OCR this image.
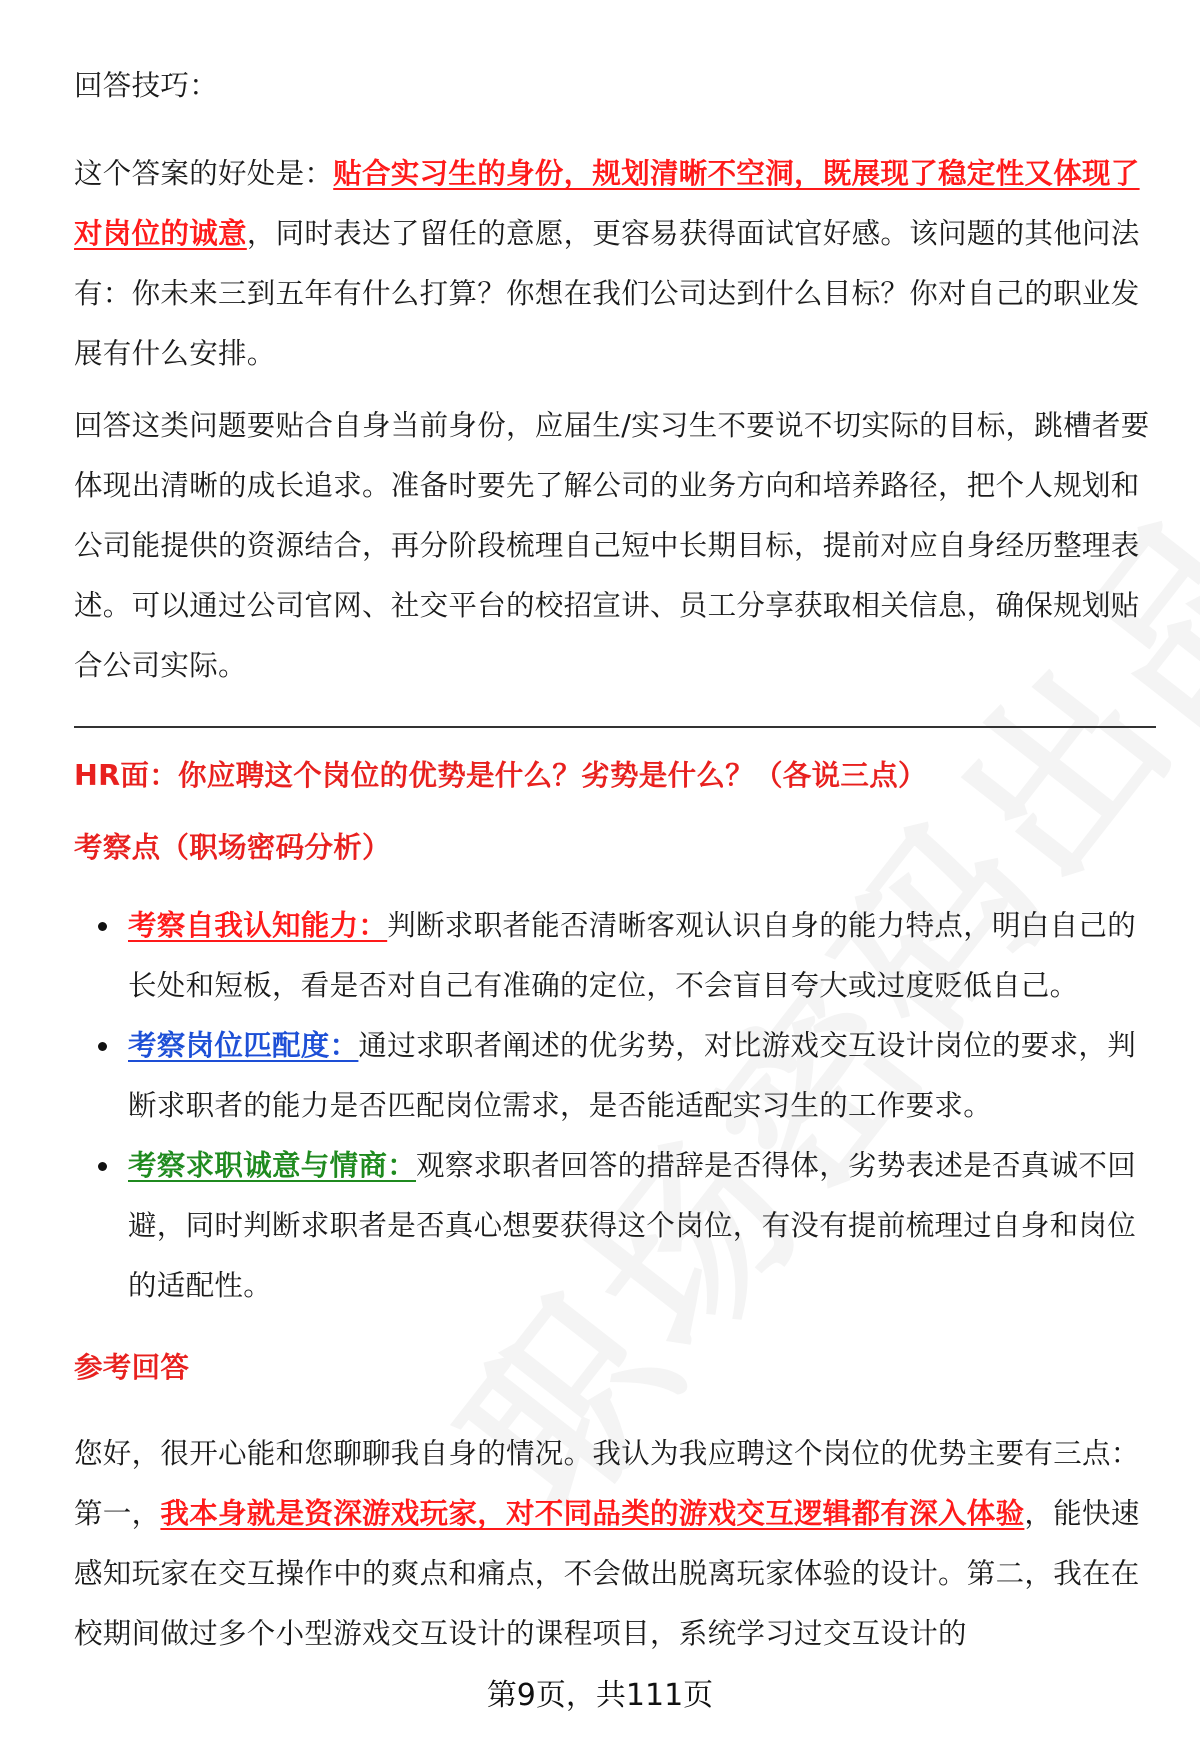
回答技巧：

这个答案的好处是：贴合实习生的身份，规划清晰不空洞，既展现了稳定性又体现了对岗位的诚意，同时表达了留任的意愿，更容易获得面试官好感。该问题的其他问法有：你未来三到五年有什么打算？你想在我们公司达到什么目标？你对自己的职业发展有什么安排。

回答这类问题要贴合自身当前身份，应届生/实习生不要说不切实际的目标，跳槽者要体现出清晰的成长追求。准备时要先了解公司的业务方向和培养路径，把个人规划和公司能提供的资源结合，再分阶段梳理自己短中长期目标，提前对应自身经历整理表述。可以通过公司官网、社交平台的校招宣讲、员工分享获取相关信息，确保规划贴合公司实际。

HR面：你应聘这个岗位的优势是什么？劣势是什么？（各说三点）

考察点（职场密码分析）

考察自我认知能力：判断求职者能否清晰客观认识自身的能力特点，明白自己的长处和短板，看是否对自己有准确的定位，不会盲目夸大或过度贬低自己。
考察岗位匹配度：通过求职者阐述的优劣势，对比游戏交互设计岗位的要求，判断求职者的能力是否匹配岗位需求，是否能适配实习生的工作要求。
考察求职诚意与情商：观察求职者回答的措辞是否得体，劣势表述是否真诚不回避，同时判断求职者是否真心想要获得这个岗位，有没有提前梳理过自身和岗位的适配性。

参考回答

您好，很开心能和您聊聊我自身的情况。我认为我应聘这个岗位的优势主要有三点：第一，我本身就是资深游戏玩家，对不同品类的游戏交互逻辑都有深入体验，能快速感知玩家在交互操作中的爽点和痛点，不会做出脱离玩家体验的设计。第二，我在在校期间做过多个小型游戏交互设计的课程项目，系统学习过交互设计的

第9页，共111页
